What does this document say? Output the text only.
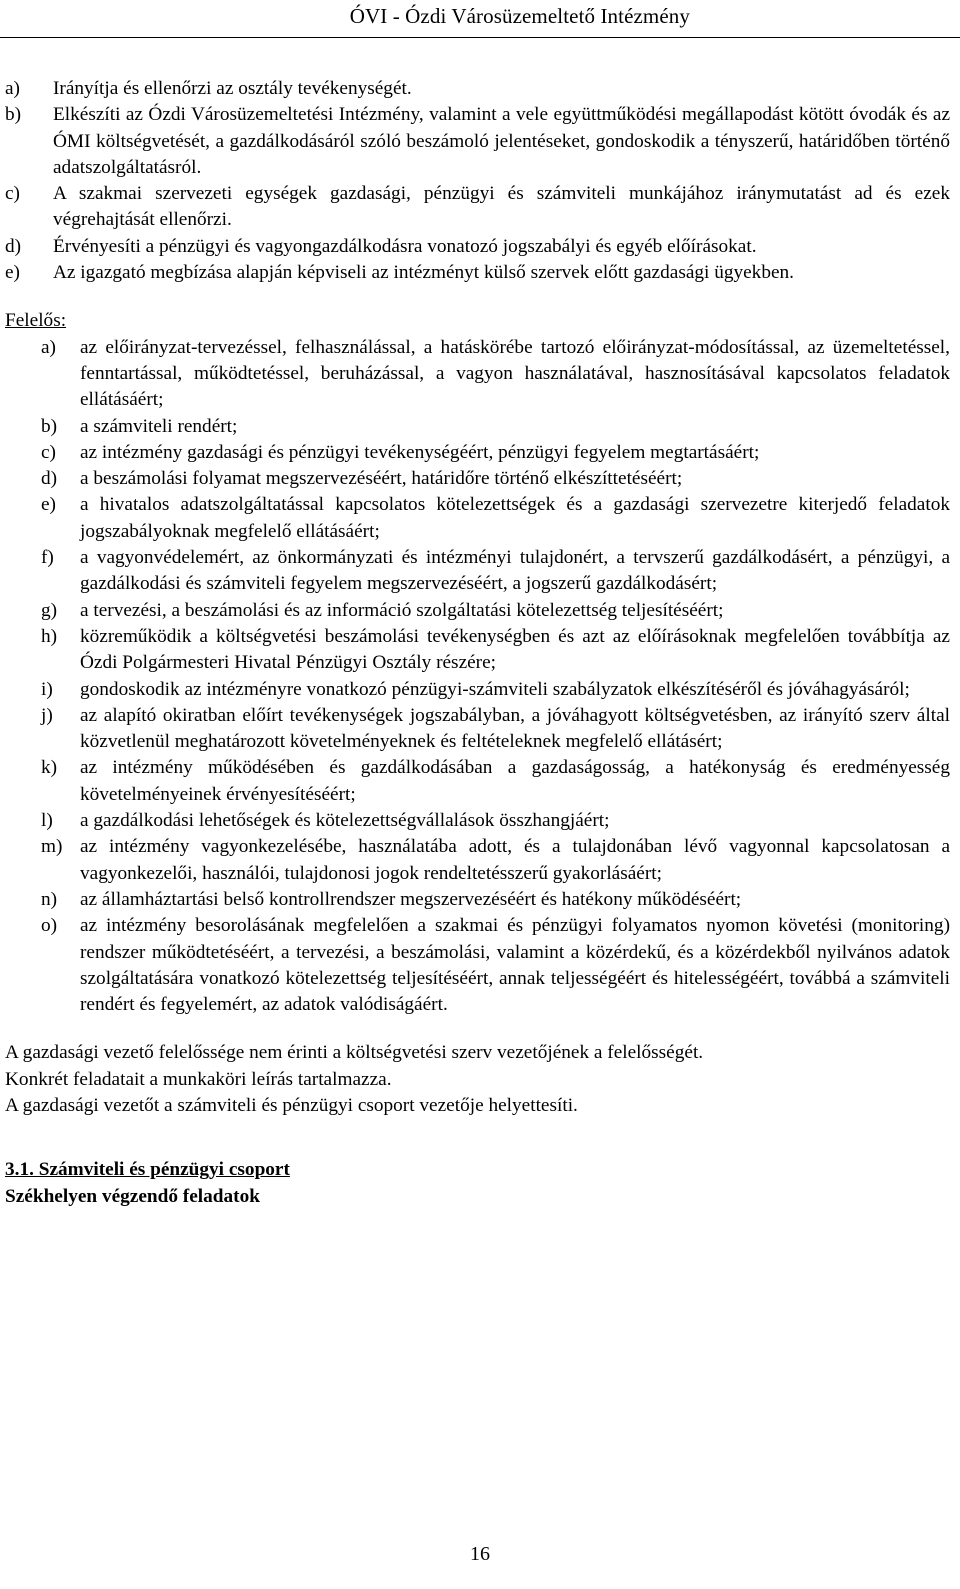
ÓVI - Ózdi Városüzemeltető Intézmény
a) Irányítja és ellenőrzi az osztály tevékenységét.
b) Elkészíti az Ózdi Városüzemeltetési Intézmény, valamint a vele együttműködési megállapodást kötött óvodák és az ÓMI költségvetését, a gazdálkodásáról szóló beszámoló jelentéseket, gondoskodik a tényszerű, határidőben történő adatszolgáltatásról.
c) A szakmai szervezeti egységek gazdasági, pénzügyi és számviteli munkájához iránymutatást ad és ezek végrehajtását ellenőrzi.
d) Érvényesíti a pénzügyi és vagyongazdálkodásra vonatozó jogszabályi és egyéb előírásokat.
e) Az igazgató megbízása alapján képviseli az intézményt külső szervek előtt gazdasági ügyekben.
Felelős:
a) az előirányzat-tervezéssel, felhasználással, a hatáskörébe tartozó előirányzat-módosítással, az üzemeltetéssel, fenntartással, működtetéssel, beruházással, a vagyon használatával, hasznosításával kapcsolatos feladatok ellátásáért;
b) a számviteli rendért;
c) az intézmény gazdasági és pénzügyi tevékenységéért, pénzügyi fegyelem megtartásáért;
d) a beszámolási folyamat megszervezéséért, határidőre történő elkészíttetéséért;
e) a hivatalos adatszolgáltatással kapcsolatos kötelezettségek és a gazdasági szervezetre kiterjedő feladatok jogszabályoknak megfelelő ellátásáért;
f) a vagyonvédelemért, az önkormányzati és intézményi tulajdonért, a tervszerű gazdálkodásért, a pénzügyi, a gazdálkodási és számviteli fegyelem megszervezéséért, a jogszerű gazdálkodásért;
g) a tervezési, a beszámolási és az információ szolgáltatási kötelezettség teljesítéséért;
h) közreműködik a költségvetési beszámolási tevékenységben és azt az előírásoknak megfelelően továbbítja az Ózdi Polgármesteri Hivatal Pénzügyi Osztály részére;
i) gondoskodik az intézményre vonatkozó pénzügyi-számviteli szabályzatok elkészítéséről és jóváhagyásáról;
j) az alapító okiratban előírt tevékenységek jogszabályban, a jóváhagyott költségvetésben, az irányító szerv által közvetlenül meghatározott követelményeknek és feltételeknek megfelelő ellátásért;
k) az intézmény működésében és gazdálkodásában a gazdaságosság, a hatékonyság és eredményesség követelményeinek érvényesítéséért;
l) a gazdálkodási lehetőségek és kötelezettségvállalások összhangjáért;
m) az intézmény vagyonkezelésébe, használatába adott, és a tulajdonában lévő vagyonnal kapcsolatosan a vagyonkezelői, használói, tulajdonosi jogok rendeltetésszerű gyakorlásáért;
n) az államháztartási belső kontrollrendszer megszervezéséért és hatékony működéséért;
o) az intézmény besorolásának megfelelően a szakmai és pénzügyi folyamatos nyomon követési (monitoring) rendszer működtetéséért, a tervezési, a beszámolási, valamint a közérdekű, és a közérdekből nyilvános adatok szolgáltatására vonatkozó kötelezettség teljesítéséért, annak teljességéért és hitelességéért, továbbá a számviteli rendért és fegyelemért, az adatok valódiságáért.

A gazdasági vezető felelőssége nem érinti a költségvetési szerv vezetőjének a felelősségét.

Konkrét feladatait a munkaköri leírás tartalmazza.

A gazdasági vezetőt a számviteli és pénzügyi csoport vezetője helyettesíti.

3.1. Számviteli és pénzügyi csoport

Székhelyen végzendő feladatok

16
